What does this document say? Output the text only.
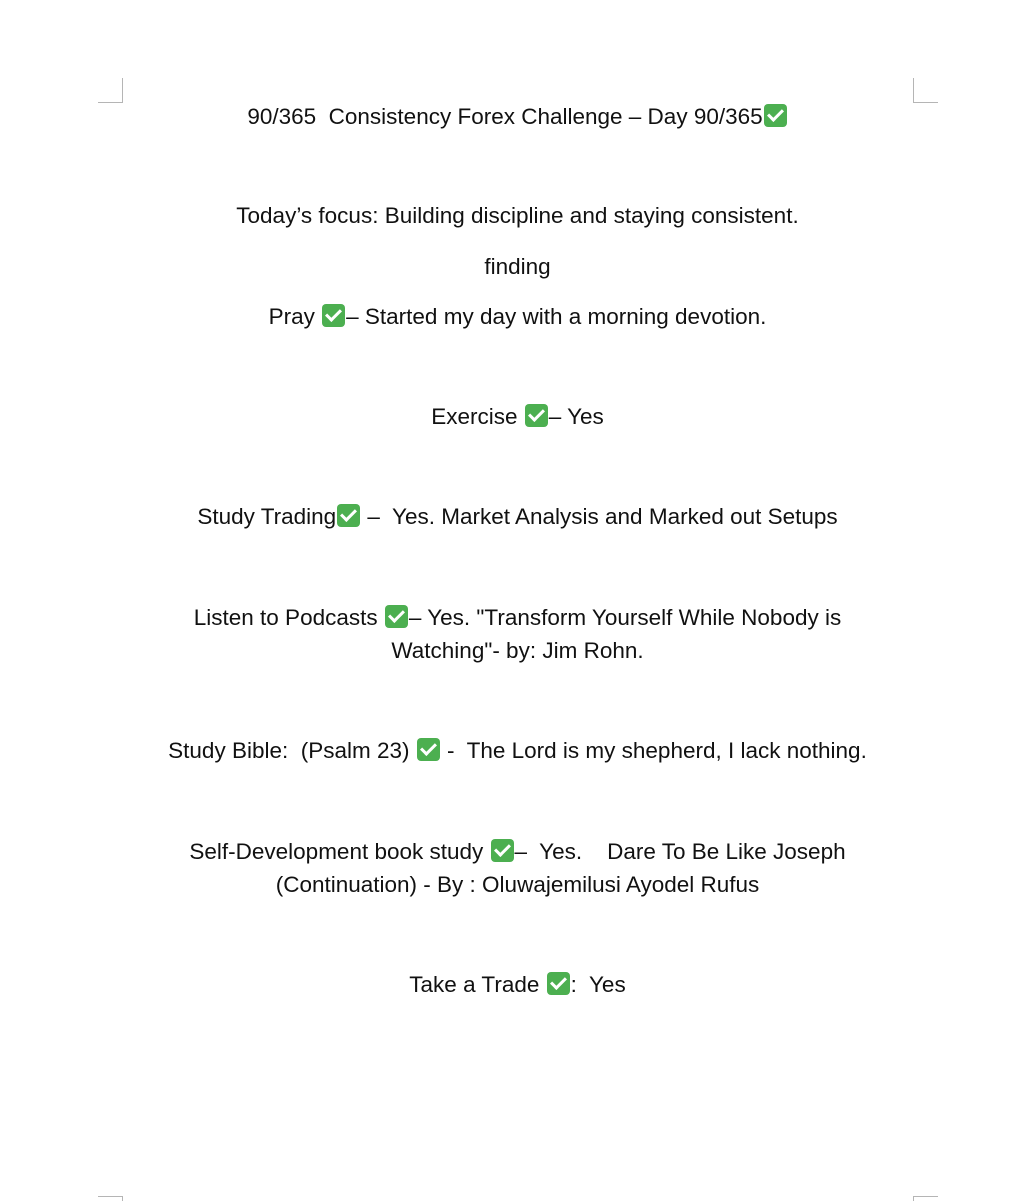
90/365  Consistency Forex Challenge – Day 90/365
Today’s focus: Building discipline and staying consistent.
finding
Pray – Started my day with a morning devotion.
Exercise – Yes
Study Trading –  Yes. Market Analysis and Marked out Setups
Listen to Podcasts – Yes. "Transform Yourself While Nobody is
Watching"- by: Jim Rohn.
Study Bible:  (Psalm 23)  -  The Lord is my shepherd, I lack nothing.
Self-Development book study –  Yes.    Dare To Be Like Joseph
(Continuation) - By : Oluwajemilusi Ayodel Rufus
Take a Trade :  Yes
